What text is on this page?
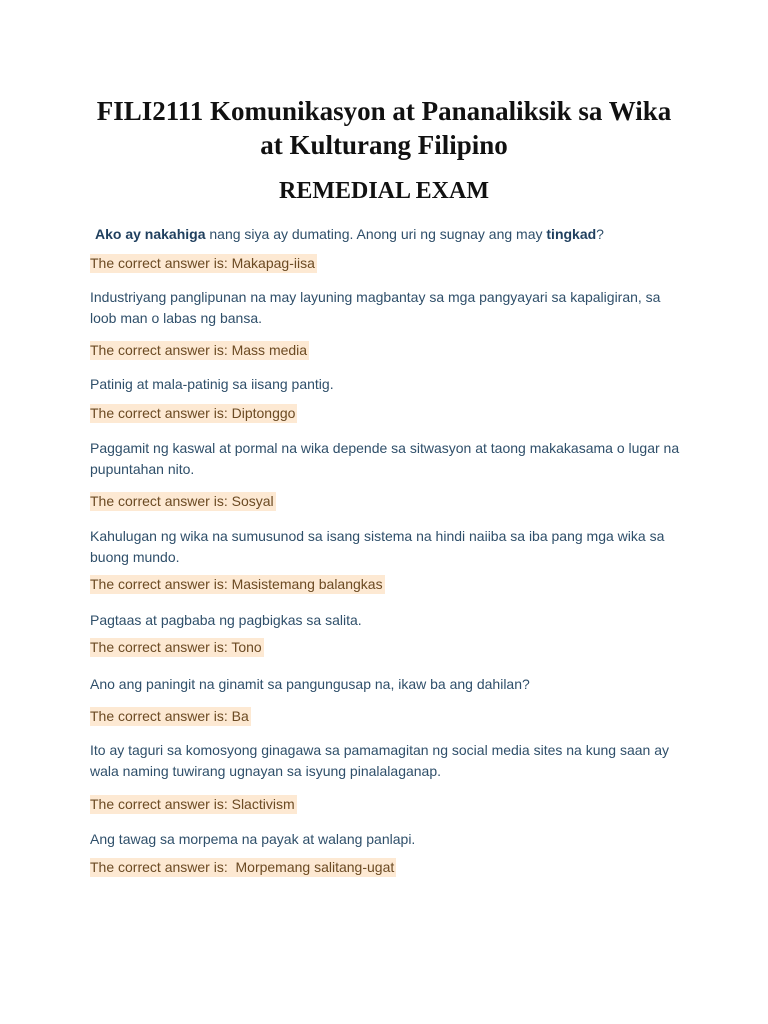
FILI2111 Komunikasyon at Pananaliksik sa Wika
at Kulturang Filipino
REMEDIAL EXAM

Ako ay nakahiga nang siya ay dumating. Anong uri ng sugnay ang may tingkad?

The correct answer is: Makapag-iisa

Industriyang panglipunan na may layuning magbantay sa mga pangyayari sa kapaligiran, sa loob man o labas ng bansa.

The correct answer is: Mass media

Patinig at mala-patinig sa iisang pantig.

The correct answer is: Diptonggo

Paggamit ng kaswal at pormal na wika depende sa sitwasyon at taong makakasama o lugar na pupuntahan nito.

The correct answer is: Sosyal

Kahulugan ng wika na sumusunod sa isang sistema na hindi naiiba sa iba pang mga wika sa buong mundo.

The correct answer is: Masistemang balangkas

Pagtaas at pagbaba ng pagbigkas sa salita.

The correct answer is: Tono

Ano ang paningit na ginamit sa pangungusap na, ikaw ba ang dahilan?

The correct answer is: Ba

Ito ay taguri sa komosyong ginagawa sa pamamagitan ng social media sites na kung saan ay wala naming tuwirang ugnayan sa isyung pinalalaganap.

The correct answer is: Slactivism

Ang tawag sa morpema na payak at walang panlapi.

The correct answer is:  Morpemang salitang-ugat
